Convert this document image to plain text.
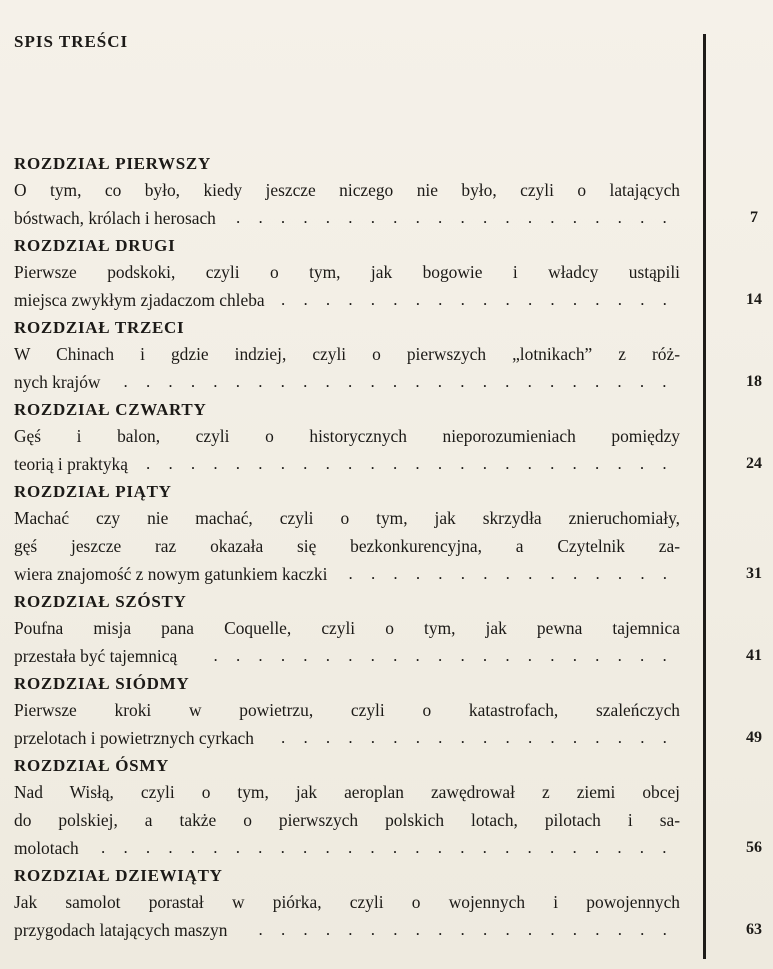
SPIS TREŚCI
ROZDZIAŁ PIERWSZY
O tym, co było, kiedy jeszcze niczego nie było, czyli o latających
bóstwach, królach i herosach	....................	7
ROZDZIAŁ DRUGI
Pierwsze podskoki, czyli o tym, jak bogowie i władcy ustąpili
miejsca zwykłym zjadaczom chleba ..................	14
ROZDZIAŁ TRZECI
W Chinach i gdzie indziej, czyli o pierwszych „lotnikach” z róż-
nych krajów	.........................	18
ROZDZIAŁ CZWARTY
Gęś i balon, czyli o historycznych nieporozumieniach pomiędzy
teorią i praktyką	........................	24
ROZDZIAŁ PIĄTY
Machać czy nie machać, czyli o tym, jak skrzydła znieruchomiały,
gęś jeszcze raz okazała się bezkonkurencyjna, a Czytelnik za-
wiera znajomość z nowym gatunkiem kaczki	...............	31
ROZDZIAŁ SZÓSTY
Poufna misja pana Coquelle, czyli o tym, jak pewna tajemnica
przestała być tajemnicą	.....................	41
ROZDZIAŁ SIÓDMY
Pierwsze kroki w powietrzu, czyli o katastrofach, szaleńczych
przelotach i powietrznych cyrkach	..................	49
ROZDZIAŁ ÓSMY
Nad Wisłą, czyli o tym, jak aeroplan zawędrował z ziemi obcej
do polskiej, a także o pierwszych polskich lotach, pilotach i sa-
molotach	..........................	56
ROZDZIAŁ DZIEWIĄTY
Jak samolot porastał w piórka, czyli o wojennych i powojennych
przygodach latających maszyn	...................	63
